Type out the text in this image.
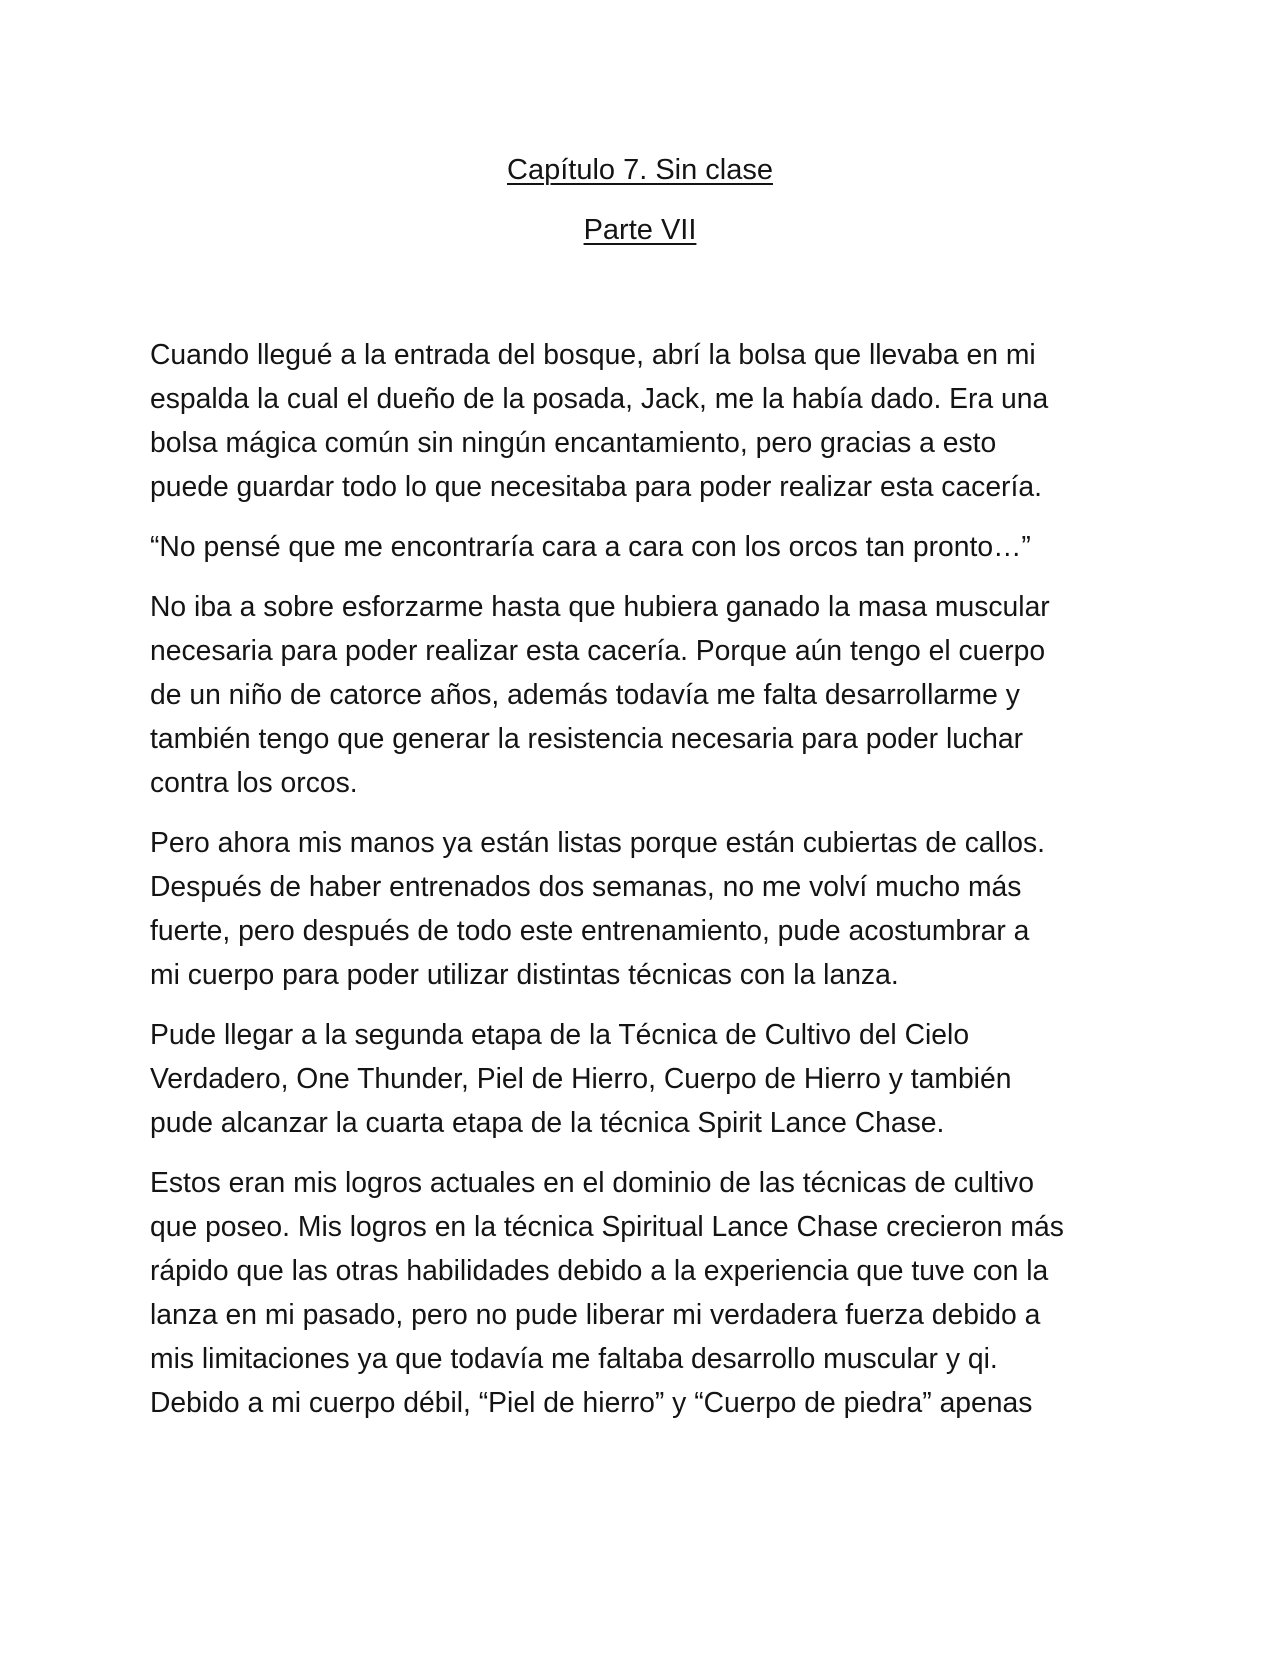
Capítulo 7. Sin clase
Parte VII

Cuando llegué a la entrada del bosque, abrí la bolsa que llevaba en mi
espalda la cual el dueño de la posada, Jack, me la había dado. Era una
bolsa mágica común sin ningún encantamiento, pero gracias a esto
puede guardar todo lo que necesitaba para poder realizar esta cacería.

“No pensé que me encontraría cara a cara con los orcos tan pronto…”

No iba a sobre esforzarme hasta que hubiera ganado la masa muscular
necesaria para poder realizar esta cacería. Porque aún tengo el cuerpo
de un niño de catorce años, además todavía me falta desarrollarme y
también tengo que generar la resistencia necesaria para poder luchar
contra los orcos.

Pero ahora mis manos ya están listas porque están cubiertas de callos.
Después de haber entrenados dos semanas, no me volví mucho más
fuerte, pero después de todo este entrenamiento, pude acostumbrar a
mi cuerpo para poder utilizar distintas técnicas con la lanza.

Pude llegar a la segunda etapa de la Técnica de Cultivo del Cielo
Verdadero, One Thunder, Piel de Hierro, Cuerpo de Hierro y también
pude alcanzar la cuarta etapa de la técnica Spirit Lance Chase.

Estos eran mis logros actuales en el dominio de las técnicas de cultivo
que poseo. Mis logros en la técnica Spiritual Lance Chase crecieron más
rápido que las otras habilidades debido a la experiencia que tuve con la
lanza en mi pasado, pero no pude liberar mi verdadera fuerza debido a
mis limitaciones ya que todavía me faltaba desarrollo muscular y qi.
Debido a mi cuerpo débil, “Piel de hierro” y “Cuerpo de piedra” apenas
